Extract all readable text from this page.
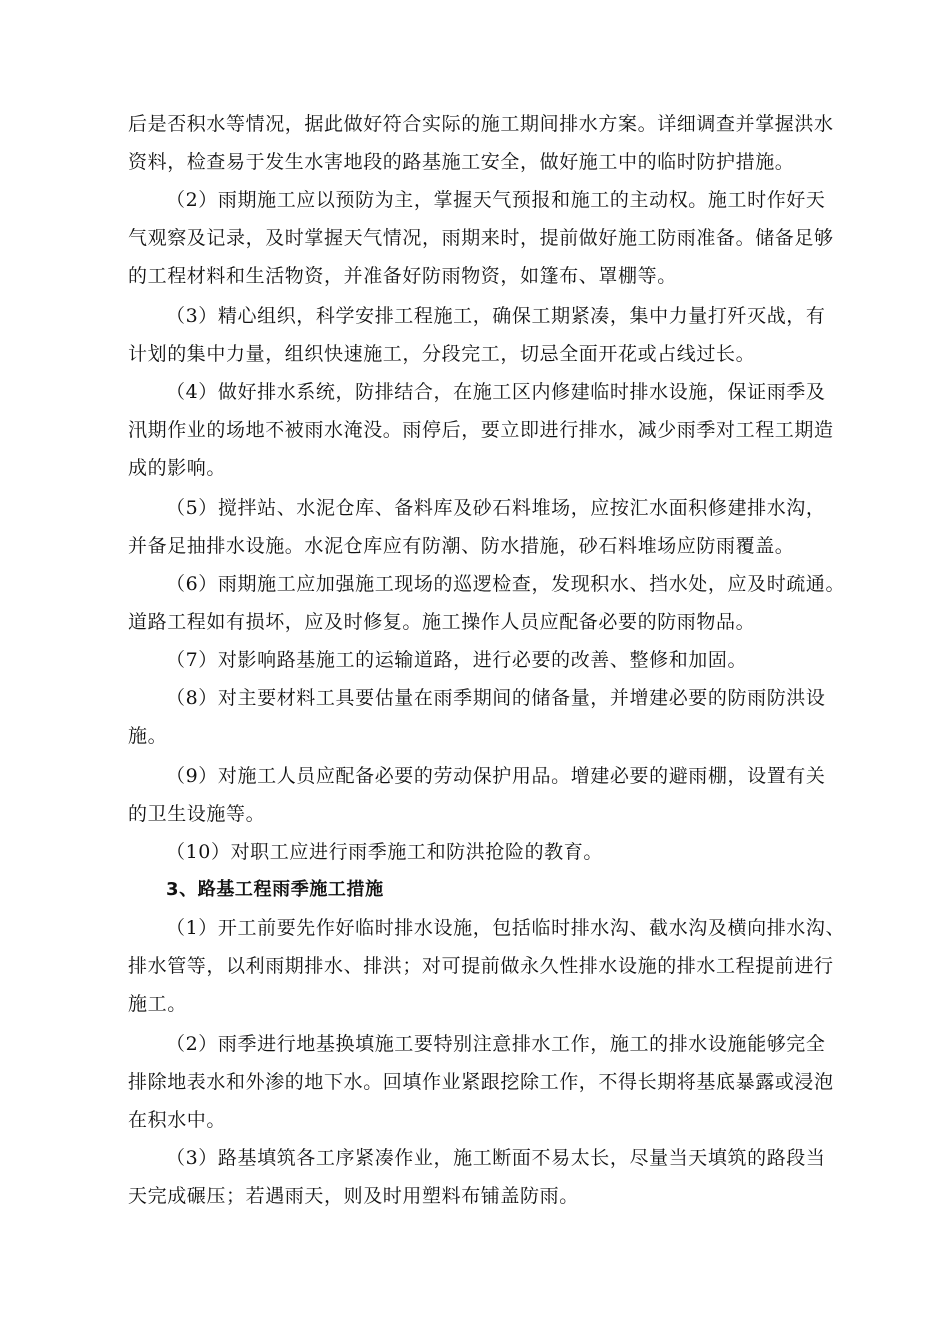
后是否积水等情况，据此做好符合实际的施工期间排水方案。详细调查并掌握洪水
资料，检查易于发生水害地段的路基施工安全，做好施工中的临时防护措施。
（2）雨期施工应以预防为主，掌握天气预报和施工的主动权。施工时作好天
气观察及记录，及时掌握天气情况，雨期来时，提前做好施工防雨准备。储备足够
的工程材料和生活物资，并准备好防雨物资，如篷布、罩棚等。
（3）精心组织，科学安排工程施工，确保工期紧凑，集中力量打歼灭战，有
计划的集中力量，组织快速施工，分段完工，切忌全面开花或占线过长。
（4）做好排水系统，防排结合，在施工区内修建临时排水设施，保证雨季及
汛期作业的场地不被雨水淹没。雨停后，要立即进行排水，减少雨季对工程工期造
成的影响。
（5）搅拌站、水泥仓库、备料库及砂石料堆场，应按汇水面积修建排水沟，
并备足抽排水设施。水泥仓库应有防潮、防水措施，砂石料堆场应防雨覆盖。
（6）雨期施工应加强施工现场的巡逻检查，发现积水、挡水处，应及时疏通。
道路工程如有损坏，应及时修复。施工操作人员应配备必要的防雨物品。
（7）对影响路基施工的运输道路，进行必要的改善、整修和加固。
（8）对主要材料工具要估量在雨季期间的储备量，并增建必要的防雨防洪设
施。
（9）对施工人员应配备必要的劳动保护用品。增建必要的避雨棚，设置有关
的卫生设施等。
（10）对职工应进行雨季施工和防洪抢险的教育。
3、路基工程雨季施工措施
（1）开工前要先作好临时排水设施，包括临时排水沟、截水沟及横向排水沟、
排水管等，以利雨期排水、排洪；对可提前做永久性排水设施的排水工程提前进行
施工。
（2）雨季进行地基换填施工要特别注意排水工作，施工的排水设施能够完全
排除地表水和外渗的地下水。回填作业紧跟挖除工作，不得长期将基底暴露或浸泡
在积水中。
（3）路基填筑各工序紧凑作业，施工断面不易太长，尽量当天填筑的路段当
天完成碾压；若遇雨天，则及时用塑料布铺盖防雨。
